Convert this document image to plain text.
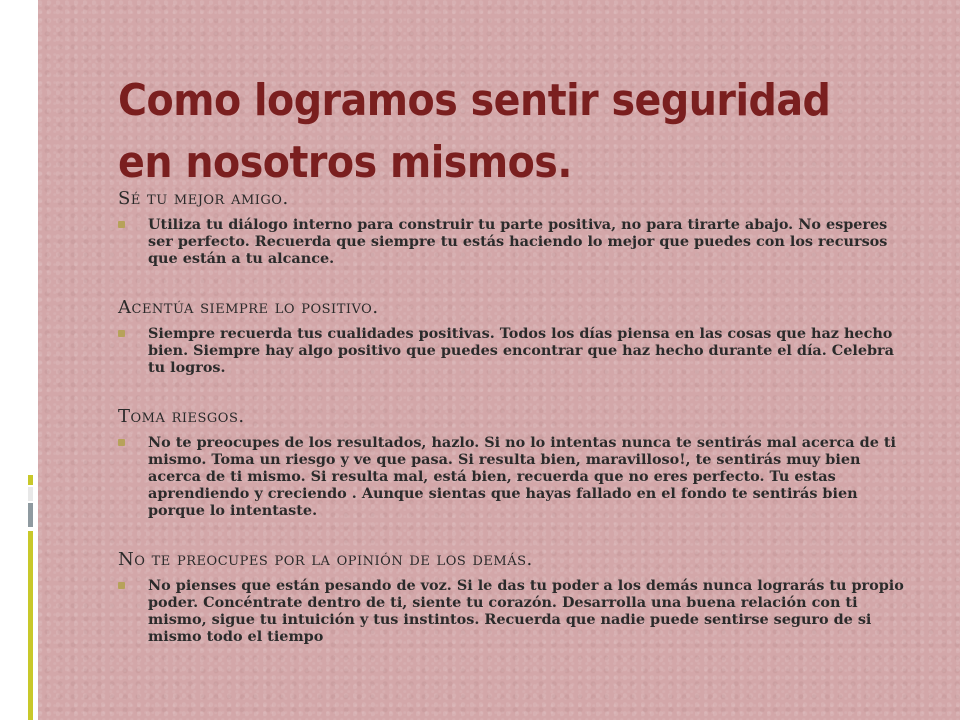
Como logramos sentir seguridad
en nosotros mismos.
Sé tu mejor amigo.
Utiliza tu diálogo interno para construir tu parte positiva, no para tirarte abajo. No esperes ser perfecto. Recuerda que siempre tu estás haciendo lo mejor que puedes con los recursos que están a tu alcance.
Acentúa siempre lo positivo.
Siempre recuerda tus cualidades positivas. Todos los días piensa en las cosas que haz hecho bien. Siempre hay algo positivo que puedes encontrar que haz hecho durante el día. Celebra tu logros.
Toma riesgos.
No te preocupes de los resultados, hazlo. Si no lo intentas nunca te sentirás mal acerca de ti mismo. Toma un riesgo y ve que pasa. Si resulta bien, maravilloso!, te sentirás muy bien acerca de ti mismo. Si resulta mal, está bien, recuerda que no eres perfecto. Tu estas aprendiendo y creciendo . Aunque sientas que hayas fallado en el fondo te sentirás bien porque lo intentaste.
No te preocupes por la opinión de los demás.
No pienses que están pesando de voz. Si le das tu poder a los demás nunca lograrás tu propio poder. Concéntrate dentro de ti, siente tu corazón. Desarrolla una buena relación con ti mismo, sigue tu intuición y tus instintos. Recuerda que nadie puede sentirse seguro de si mismo todo el tiempo
